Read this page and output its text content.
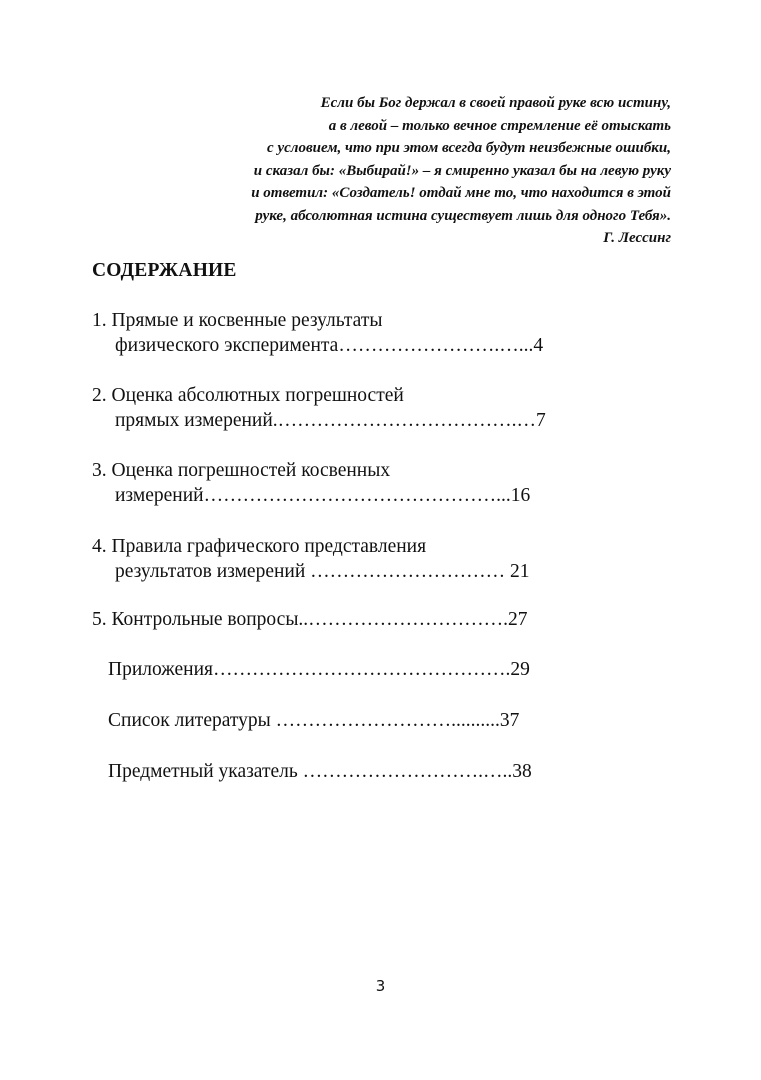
Если бы Бог держал в своей правой руке всю истину,
а в левой – только вечное стремление её отыскать
с условием, что при этом всегда будут неизбежные ошибки,
и сказал бы: «Выбирай!» – я смиренно указал бы на левую руку
и ответил: «Создатель! отдай мне то, что находится в этой
руке, абсолютная истина существует лишь для одного Тебя».
Г. Лессинг
СОДЕРЖАНИЕ
1. Прямые и косвенные результаты
физического эксперимента…………………….…...4
2. Оценка абсолютных погрешностей
прямых измерений.……………………………….…7
3. Оценка погрешностей косвенных
измерений………………………………………...16
4. Правила графического представления
результатов измерений ………………………… 21
5. Контрольные вопросы..………………………….27
Приложения……………………………………….29
Список литературы ………………………..........37
Предметный указатель ……………………….…..38
3
